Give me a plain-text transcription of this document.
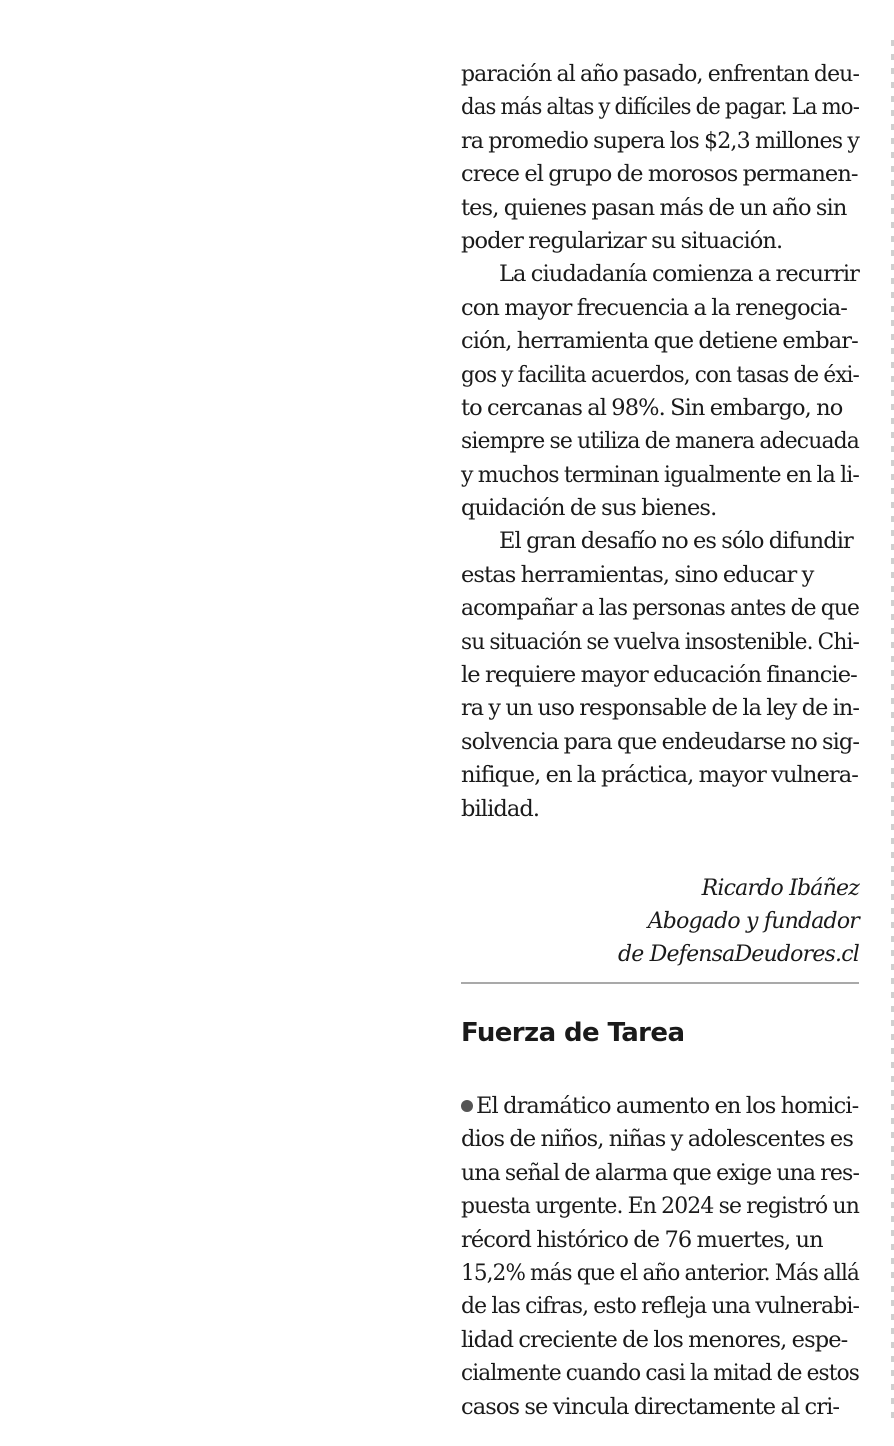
paración al año pasado, enfrentan deu-
das más altas y difíciles de pagar. La mo-
ra promedio supera los $2,3 millones y
crece el grupo de morosos permanen-
tes, quienes pasan más de un año sin
poder regularizar su situación.
La ciudadanía comienza a recurrir
con mayor frecuencia a la renegocia-
ción, herramienta que detiene embar-
gos y facilita acuerdos, con tasas de éxi-
to cercanas al 98%. Sin embargo, no
siempre se utiliza de manera adecuada
y muchos terminan igualmente en la li-
quidación de sus bienes.
El gran desafío no es sólo difundir
estas herramientas, sino educar y
acompañar a las personas antes de que
su situación se vuelva insostenible. Chi-
le requiere mayor educación financie-
ra y un uso responsable de la ley de in-
solvencia para que endeudarse no sig-
nifique, en la práctica, mayor vulnera-
bilidad.
Ricardo Ibáñez
Abogado y fundador
de DefensaDeudores.cl
Fuerza de Tarea
El dramático aumento en los homici-
dios de niños, niñas y adolescentes es
una señal de alarma que exige una res-
puesta urgente. En 2024 se registró un
récord histórico de 76 muertes, un
15,2% más que el año anterior. Más allá
de las cifras, esto refleja una vulnerabi-
lidad creciente de los menores, espe-
cialmente cuando casi la mitad de estos
casos se vincula directamente al cri-
